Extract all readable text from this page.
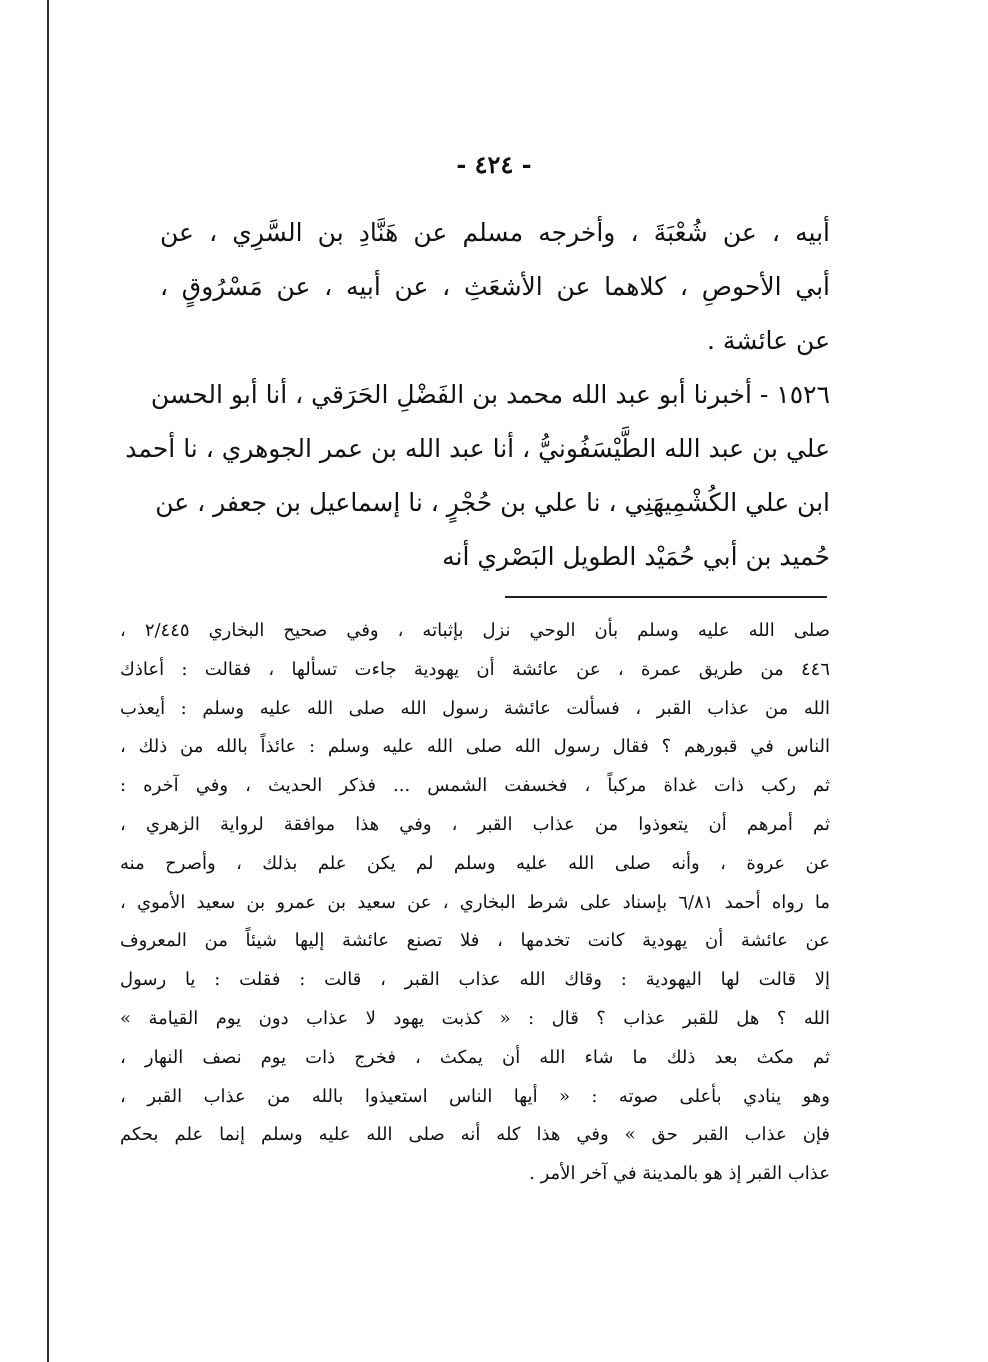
- ٤٢٤ -
أبيه ، عن شُعْبَةَ ، وأخرجه مسلم عن هَنَّادِ بن السَّرِي ، عن
أبي الأحوصِ ، كلاهما عن الأشعَثِ ، عن أبيه ، عن مَسْرُوقٍ ،
عن عائشة .
١٥٢٦ - أخبرنا أبو عبد الله محمد بن الفَضْلِ الحَرَقي ، أنا أبو الحسن
علي بن عبد الله الطَّيْسَفُونيُّ ، أنا عبد الله بن عمر الجوهري ، نا أحمد
ابن علي الكُشْمِيهَنِي ، نا علي بن حُجْرٍ ، نا إسماعيل بن جعفر ، عن
حُميد بن أبي حُمَيْد الطويل البَصْري أنه
صلى الله عليه وسلم بأن الوحي نزل بإثباته ، وفي صحيح البخاري ٢/٤٤٥ ،
٤٤٦ من طريق عمرة ، عن عائشة أن يهودية جاءت تسألها ، فقالت : أعاذك
الله من عذاب القبر ، فسألت عائشة رسول الله صلى الله عليه وسلم : أيعذب
الناس في قبورهم ؟ فقال رسول الله صلى الله عليه وسلم : عائذاً بالله من ذلك ،
ثم ركب ذات غداة مركباً ، فخسفت الشمس ... فذكر الحديث ، وفي آخره :
ثم أمرهم أن يتعوذوا من عذاب القبر ، وفي هذا موافقة لرواية الزهري ،
عن عروة ، وأنه صلى الله عليه وسلم لم يكن علم بذلك ، وأصرح منه
ما رواه أحمد ٦/٨١ بإسناد على شرط البخاري ، عن سعيد بن عمرو بن سعيد الأموي ،
عن عائشة أن يهودية كانت تخدمها ، فلا تصنع عائشة إليها شيئاً من المعروف
إلا قالت لها اليهودية : وقاك الله عذاب القبر ، قالت : فقلت : يا رسول
الله ؟ هل للقبر عذاب ؟ قال : « كذبت يهود لا عذاب دون يوم القيامة »
ثم مكث بعد ذلك ما شاء الله أن يمكث ، فخرج ذات يوم نصف النهار ،
وهو ينادي بأعلى صوته : « أيها الناس استعيذوا بالله من عذاب القبر ،
فإن عذاب القبر حق » وفي هذا كله أنه صلى الله عليه وسلم إنما علم بحكم
عذاب القبر إذ هو بالمدينة في آخر الأمر .
